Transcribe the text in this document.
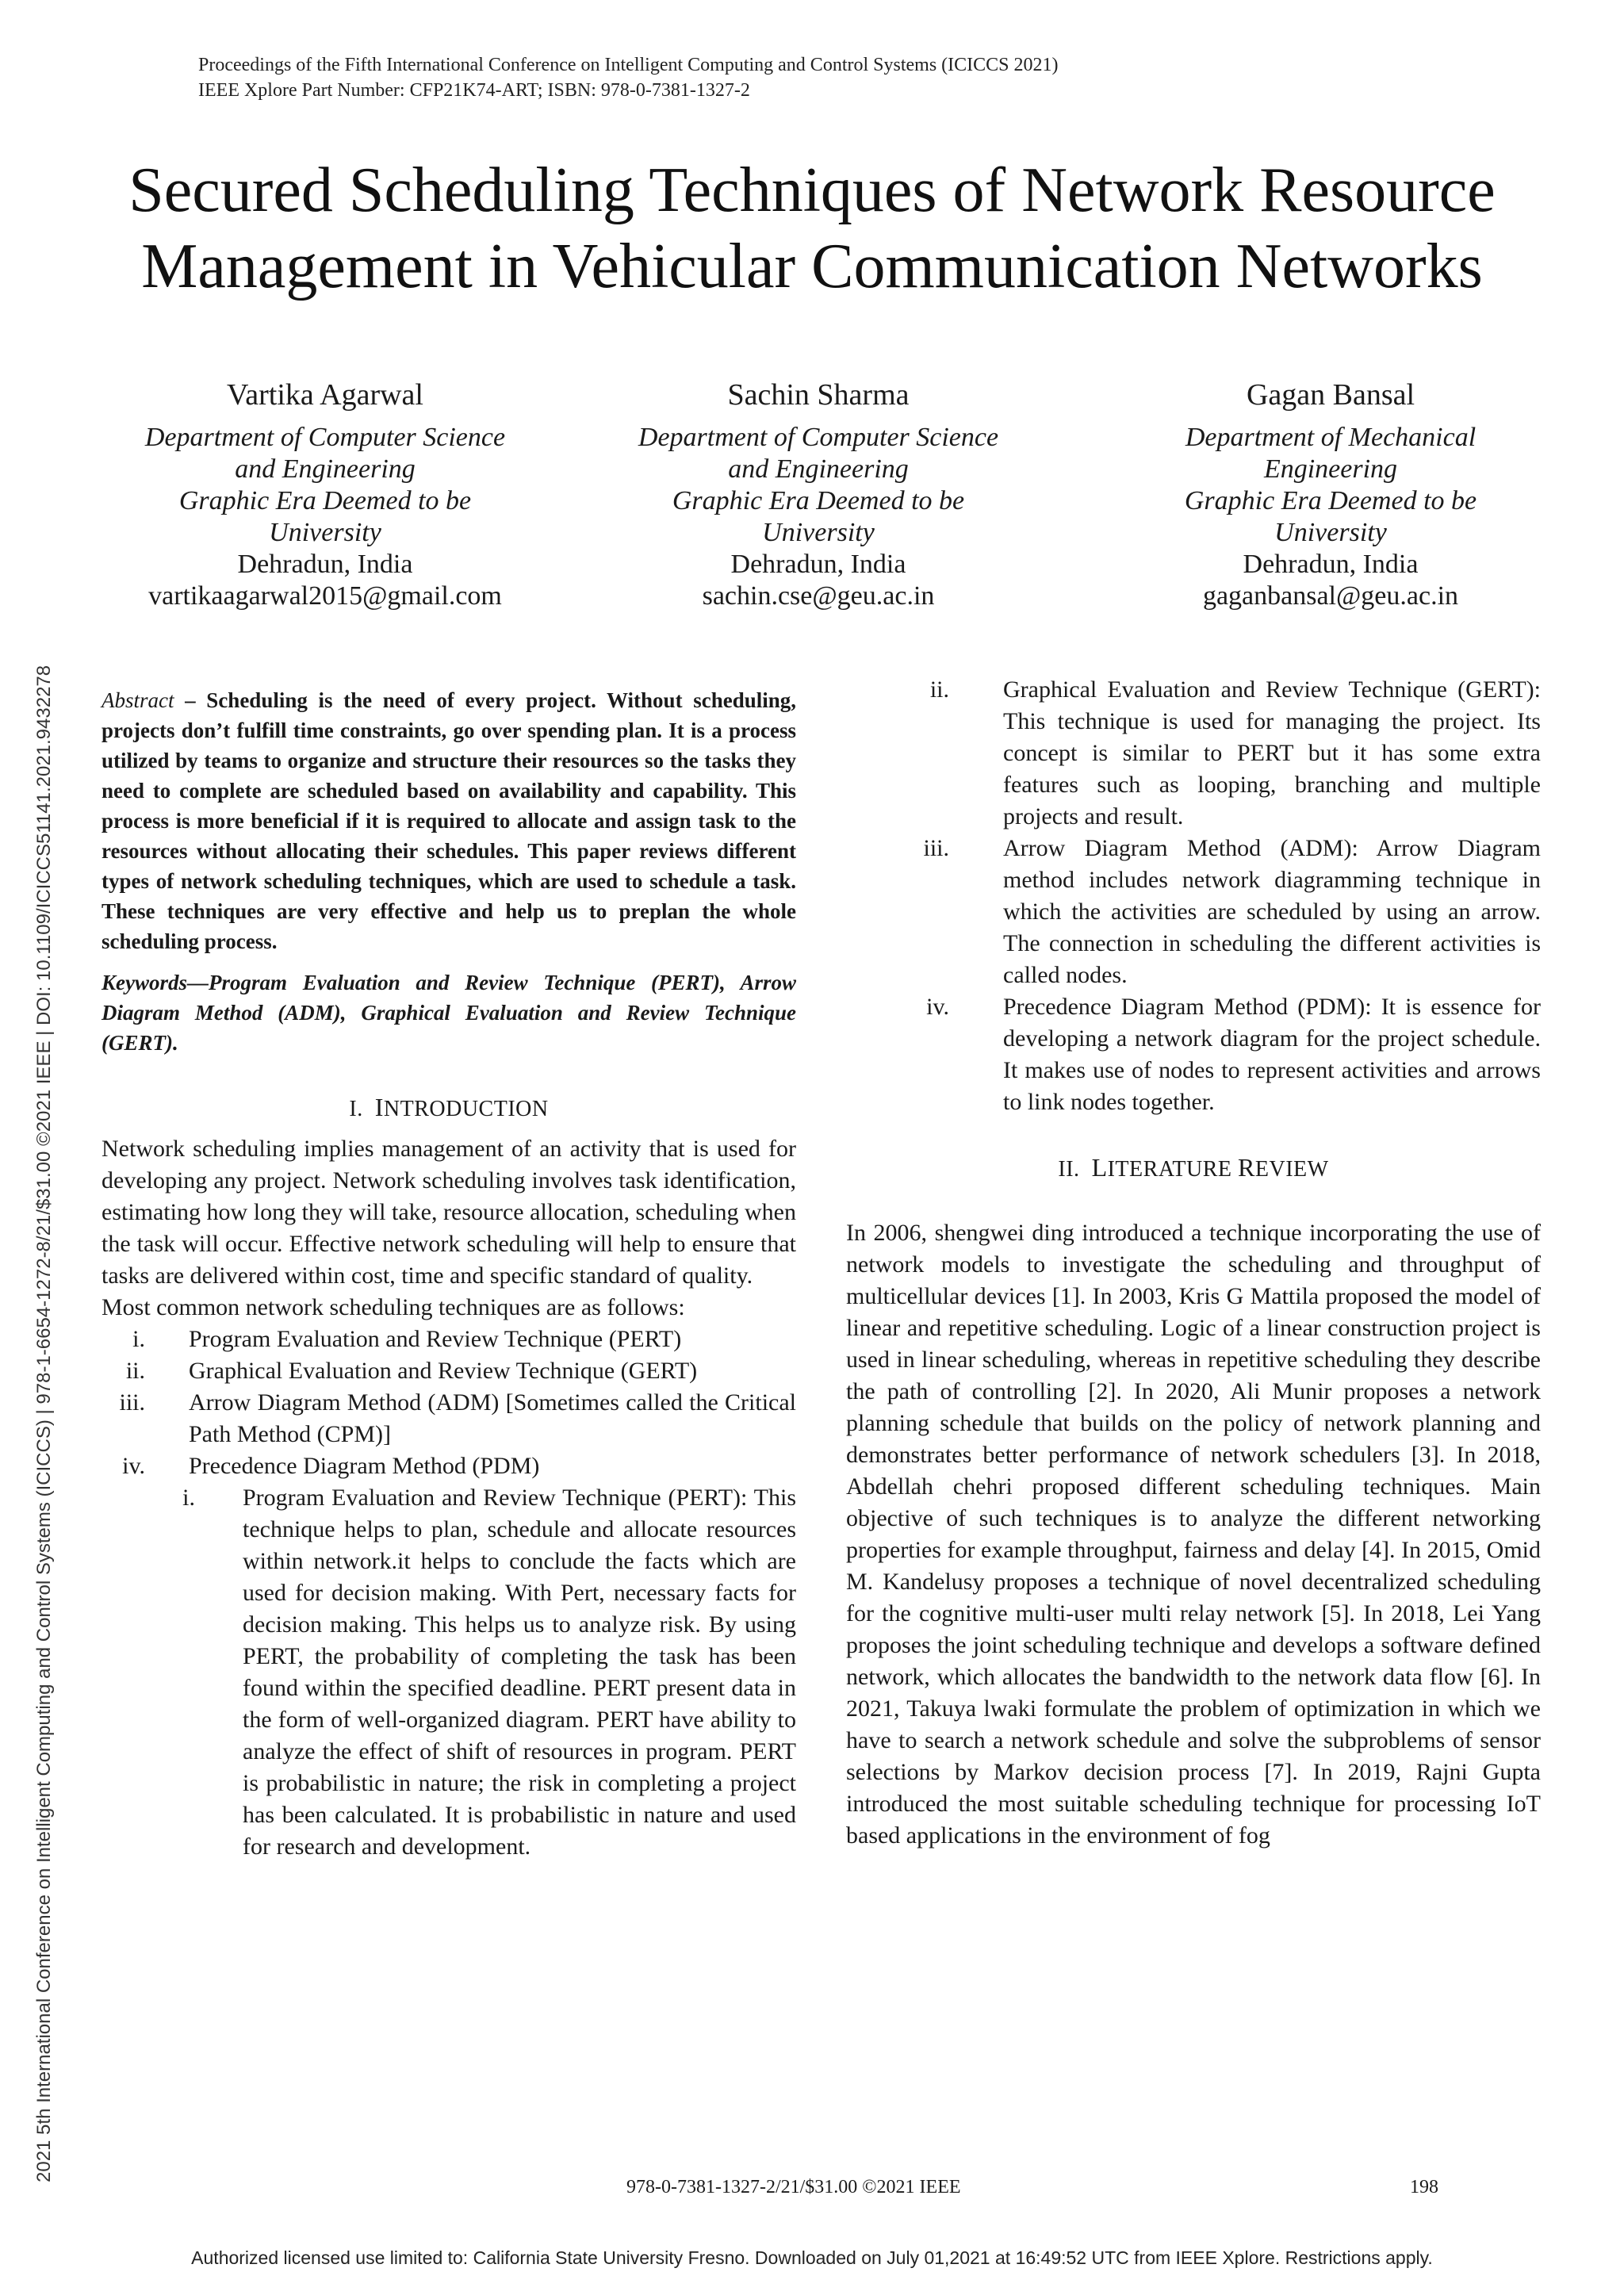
Proceedings of the Fifth International Conference on Intelligent Computing and Control Systems (ICICCS 2021)
IEEE Xplore Part Number: CFP21K74-ART; ISBN: 978-0-7381-1327-2
Secured Scheduling Techniques of Network Resource
Management in Vehicular Communication Networks
Vartika Agarwal
Department of Computer Science
and Engineering
Graphic Era Deemed to be
University
Dehradun, India
vartikaagarwal2015@gmail.com
Sachin Sharma
Department of Computer Science
and Engineering
Graphic Era Deemed to be
University
Dehradun, India
sachin.cse@geu.ac.in
Gagan Bansal
Department of Mechanical
Engineering
Graphic Era Deemed to be
University
Dehradun, India
gaganbansal@geu.ac.in
2021 5th International Conference on Intelligent Computing and Control Systems (ICICCS) | 978-1-6654-1272-8/21/$31.00 ©2021 IEEE | DOI: 10.1109/ICICCS51141.2021.9432278 Abstract – Scheduling is the need of every project. Without scheduling, projects don’t fulfill time constraints, go over spending plan. It is a process utilized by teams to organize and structure their resources so the tasks they need to complete are scheduled based on availability and capability. This process is more beneficial if it is required to allocate and assign task to the resources without allocating their schedules. This paper reviews different types of network scheduling techniques, which are used to schedule a task. These techniques are very effective and help us to preplan the whole scheduling process.

Keywords—Program Evaluation and Review Technique (PERT), Arrow Diagram Method (ADM), Graphical Evaluation and Review Technique (GERT).

I. INTRODUCTION

Network scheduling implies management of an activity that is used for developing any project. Network scheduling involves task identification, estimating how long they will take, resource allocation, scheduling when the task will occur. Effective network scheduling will help to ensure that tasks are delivered within cost, time and specific standard of quality.

Most common network scheduling techniques are as follows:

i.	Program Evaluation and Review Technique (PERT)
ii.	Graphical Evaluation and Review Technique (GERT)
iii.	Arrow Diagram Method (ADM) [Sometimes called the Critical Path Method (CPM)]
iv.	Precedence Diagram Method (PDM)
i.	Program Evaluation and Review Technique (PERT): This technique helps to plan, schedule and allocate resources within network.it helps to conclude the facts which are used for decision making. With Pert, necessary facts for decision making. This helps us to analyze risk. By using PERT, the probability of completing the task has been found within the specified deadline. PERT present data in the form of well-organized diagram. PERT have ability to analyze the effect of shift of resources in program. PERT is probabilistic in nature; the risk in completing a project has been calculated. It is probabilistic in nature and used for research and development.
ii.	Graphical Evaluation and Review Technique (GERT): This technique is used for managing the project. Its concept is similar to PERT but it has some extra features such as looping, branching and multiple projects and result.
iii.	Arrow Diagram Method (ADM): Arrow Diagram method includes network diagramming technique in which the activities are scheduled by using an arrow. The connection in scheduling the different activities is called nodes.
iv.	Precedence Diagram Method (PDM): It is essence for developing a network diagram for the project schedule. It makes use of nodes to represent activities and arrows to link nodes together.
II. LITERATURE REVIEW

In 2006, shengwei ding introduced a technique incorporating the use of network models to investigate the scheduling and throughput of multicellular devices [1]. In 2003, Kris G Mattila proposed the model of linear and repetitive scheduling. Logic of a linear construction project is used in linear scheduling, whereas in repetitive scheduling they describe the path of controlling [2]. In 2020, Ali Munir proposes a network planning schedule that builds on the policy of network planning and demonstrates better performance of network schedulers [3]. In 2018, Abdellah chehri proposed different scheduling techniques. Main objective of such techniques is to analyze the different networking properties for example throughput, fairness and delay [4]. In 2015, Omid M. Kandelusy proposes a technique of novel decentralized scheduling for the cognitive multi-user multi relay network [5]. In 2018, Lei Yang proposes the joint scheduling technique and develops a software defined network, which allocates the bandwidth to the network data flow [6]. In 2021, Takuya lwaki formulate the problem of optimization in which we have to search a network schedule and solve the subproblems of sensor selections by Markov decision process [7]. In 2019, Rajni Gupta introduced the most suitable scheduling technique for processing IoT based applications in the environment of fog

978-0-7381-1327-2/21/$31.00 ©2021 IEEE	198
Authorized licensed use limited to: California State University Fresno. Downloaded on July 01,2021 at 16:49:52 UTC from IEEE Xplore. Restrictions apply.
